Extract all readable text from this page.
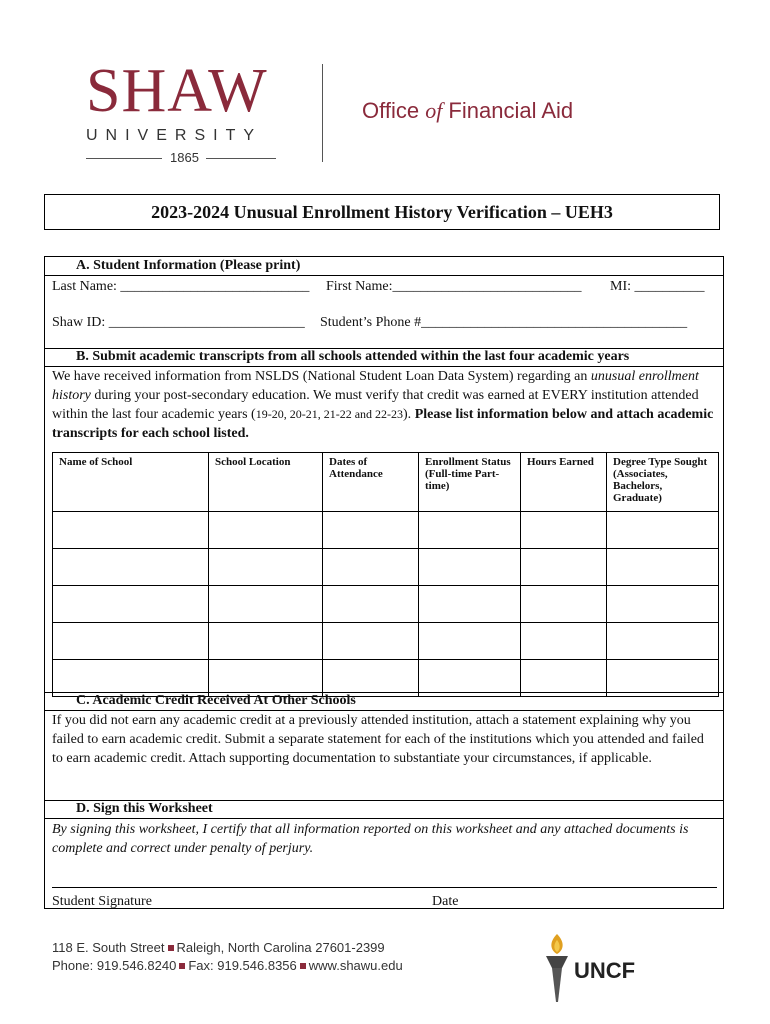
SHAW
UNIVERSITY
1865
Office of Financial Aid
2023-2024 Unusual Enrollment History Verification – UEH3
A. Student Information (Please print)
Last Name: ___________________________ First Name:___________________________ MI: __________
Shaw ID: ____________________________ Student’s Phone #______________________________________
B. Submit academic transcripts from all schools attended within the last four academic years
We have received information from NSLDS (National Student Loan Data System) regarding an unusual enrollment history during your post-secondary education. We must verify that credit was earned at EVERY institution attended within the last four academic years (19-20, 20-21, 21-22 and 22-23). Please list information below and attach academic transcripts for each school listed.
Name of School	School Location	Dates of Attendance	Enrollment Status (Full-time Part-time)	Hours Earned	Degree Type Sought (Associates, Bachelors, Graduate)

C. Academic Credit Received At Other Schools
If you did not earn any academic credit at a previously attended institution, attach a statement explaining why you failed to earn academic credit. Submit a separate statement for each of the institutions which you attended and failed to earn academic credit. Attach supporting documentation to substantiate your circumstances, if applicable.
D. Sign this Worksheet
By signing this worksheet, I certify that all information reported on this worksheet and any attached documents is complete and correct under penalty of perjury.
Student Signature	Date
118 E. South Street Raleigh, North Carolina 27601-2399
Phone: 919.546.8240 Fax: 919.546.8356 www.shawu.edu	UNCF
